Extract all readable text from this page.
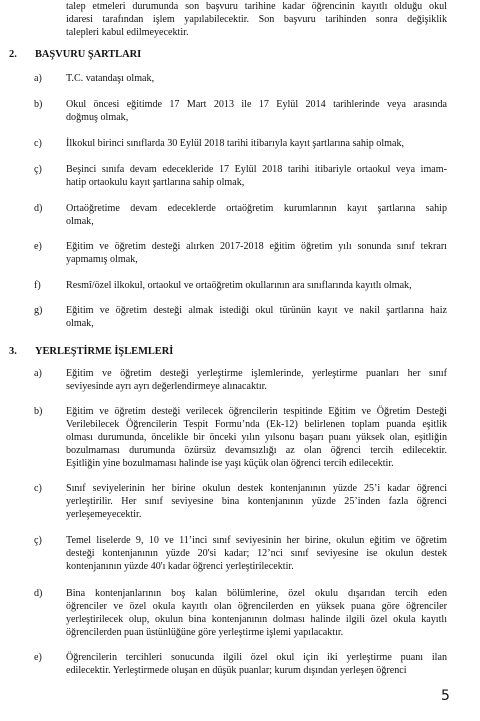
talep etmeleri durumunda son başvuru tarihine kadar öğrencinin kayıtlı olduğu okul
idaresi tarafından işlem yapılabilecektir. Son başvuru tarihinden sonra değişiklik
talepleri kabul edilmeyecektir.
2. BAŞVURU ŞARTLARI
a) T.C. vatandaşı olmak,
b) Okul öncesi eğitimde 17 Mart 2013 ile 17 Eylül 2014 tarihlerinde veya arasında
doğmuş olmak,
c) İlkokul birinci sınıflarda 30 Eylül 2018 tarihi itibarıyla kayıt şartlarına sahip olmak,
ç) Beşinci sınıfa devam edecekleride 17 Eylül 2018 tarihi itibariyle ortaokul veya imam-
hatip ortaokulu kayıt şartlarına sahip olmak,
d) Ortaöğretime devam edeceklerde ortaöğretim kurumlarının kayıt şartlarına sahip
olmak,
e) Eğitim ve öğretim desteği alırken 2017-2018 eğitim öğretim yılı sonunda sınıf tekrarı
yapmamış olmak,
f)	Resmî/özel ilkokul, ortaokul ve ortaöğretim okullarının ara sınıflarında kayıtlı olmak,
g) Eğitim ve öğretim desteği almak istediği okul türünün kayıt ve nakil şartlarına haiz
olmak,
3. YERLEŞTİRME İŞLEMLERİ
a) Eğitim ve öğretim desteği yerleştirme işlemlerinde, yerleştirme puanları her sınıf
seviyesinde ayrı ayrı değerlendirmeye alınacaktır.
b) Eğitim ve öğretim desteği verilecek öğrencilerin tespitinde Eğitim ve Öğretim Desteği
Verilebilecek Öğrencilerin Tespit Formu’nda (Ek-12) belirlenen toplam puanda eşitlik
olması durumunda, öncelikle bir önceki yılın yılsonu başarı puanı yüksek olan, eşitliğin
bozulmaması durumunda özürsüz devamsızlığı az olan öğrenci tercih edilecektir.
Eşitliğin yine bozulmaması halinde ise yaşı küçük olan öğrenci tercih edilecektir.
c) Sınıf seviyelerinin her birine okulun destek kontenjanının yüzde 25’i kadar öğrenci
yerleştirilir. Her sınıf seviyesine bina kontenjanının yüzde 25’inden fazla öğrenci
yerleşemeyecektir.
ç) Temel liselerde 9, 10 ve 11’inci sınıf seviyesinin her birine, okulun eğitim ve öğretim
desteği kontenjanının yüzde 20'si kadar; 12’nci sınıf seviyesine ise okulun destek
kontenjanının yüzde 40'ı kadar öğrenci yerleştirilecektir.
d) Bina kontenjanlarının boş kalan bölümlerine, özel okulu dışarıdan tercih eden
öğrenciler ve özel okula kayıtlı olan öğrencilerden en yüksek puana göre öğrenciler
yerleştirilecek olup, okulun bina kontenjanının dolması halinde ilgili özel okula kayıtlı
öğrencilerden puan üstünlüğüne göre yerleştirme işlemi yapılacaktır.
e) Öğrencilerin tercihleri sonucunda ilgili özel okul için iki yerleştirme puanı ilan
edilecektir. Yerleştirmede oluşan en düşük puanlar; kurum dışından yerleşen öğrenci
5
